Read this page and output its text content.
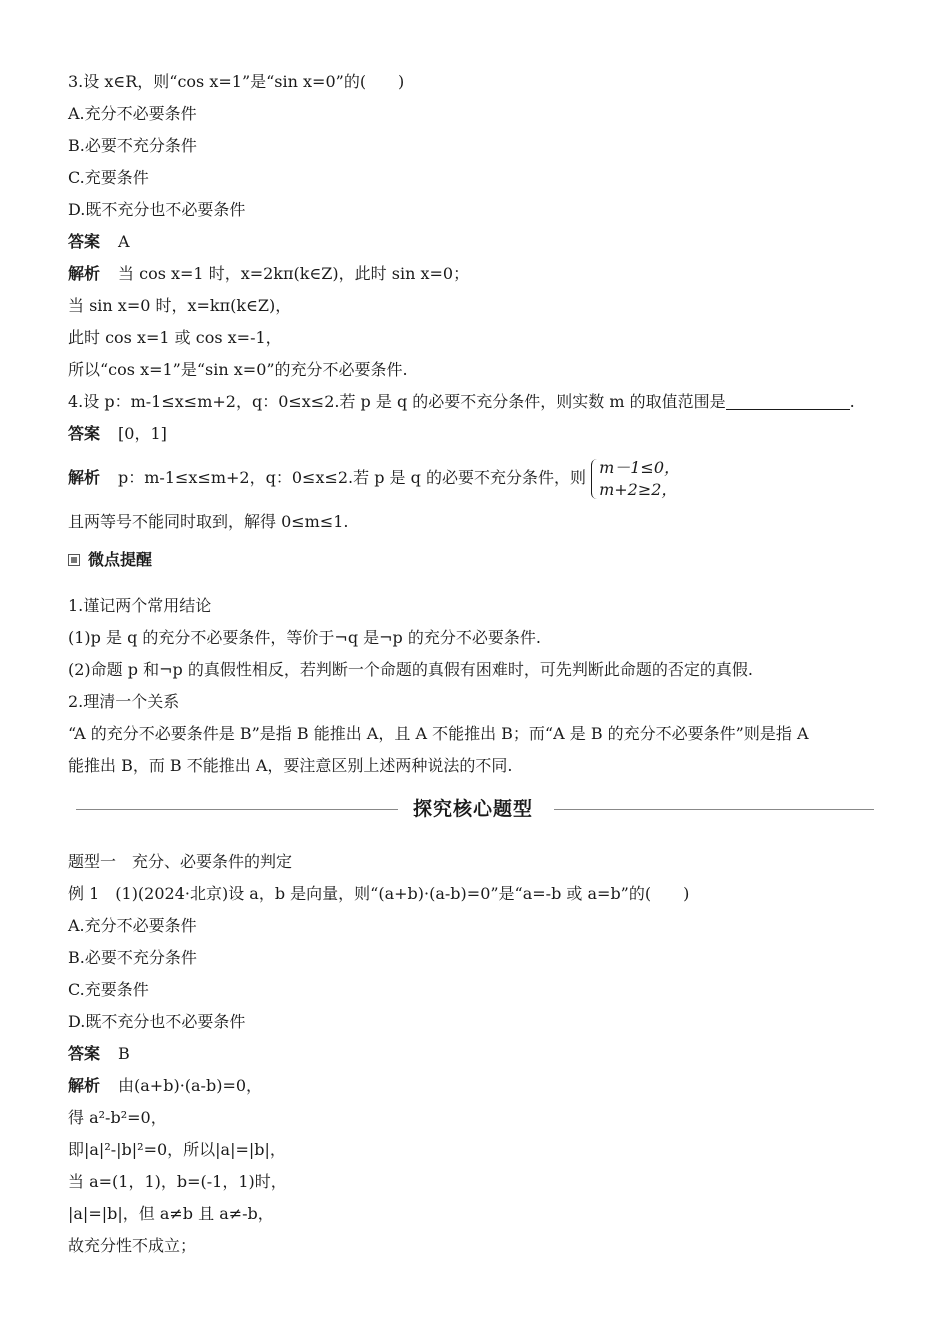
3.设 x∈R，则“cos x=1”是“sin x=0”的(　　)
A.充分不必要条件
B.必要不充分条件
C.充要条件
D.既不充分也不必要条件
答案 A
解析 当 cos x=1 时，x=2kπ(k∈Z)，此时 sin x=0；
当 sin x=0 时，x=kπ(k∈Z)，
此时 cos x=1 或 cos x=-1，
所以“cos x=1”是“sin x=0”的充分不必要条件.
4.设 p：m-1≤x≤m+2，q：0≤x≤2.若 p 是 q 的必要不充分条件，则实数 m 的取值范围是	.
答案 [0，1]
解析 p：m-1≤x≤m+2，q：0≤x≤2.若 p 是 q 的必要不充分条件，则
m－1≤0，
m+2≥2，
且两等号不能同时取到，解得 0≤m≤1.
微点提醒
1.谨记两个常用结论
(1)p 是 q 的充分不必要条件，等价于¬q 是¬p 的充分不必要条件.
(2)命题 p 和¬p 的真假性相反，若判断一个命题的真假有困难时，可先判断此命题的否定的真假.
2.理清一个关系
“A 的充分不必要条件是 B”是指 B 能推出 A，且 A 不能推出 B；而“A 是 B 的充分不必要条件”则是指 A
能推出 B，而 B 不能推出 A，要注意区别上述两种说法的不同.
探究核心题型
题型一　充分、必要条件的判定
例 1　(1)(2024·北京)设 a，b 是向量，则“(a+b)·(a-b)=0”是“a=-b 或 a=b”的(　　)
A.充分不必要条件
B.必要不充分条件
C.充要条件
D.既不充分也不必要条件
答案 B
解析 由(a+b)·(a-b)=0，
得 a²-b²=0，
即|a|²-|b|²=0，所以|a|=|b|，
当 a=(1，1)，b=(-1，1)时，
|a|=|b|，但 a≠b 且 a≠-b，
故充分性不成立；
